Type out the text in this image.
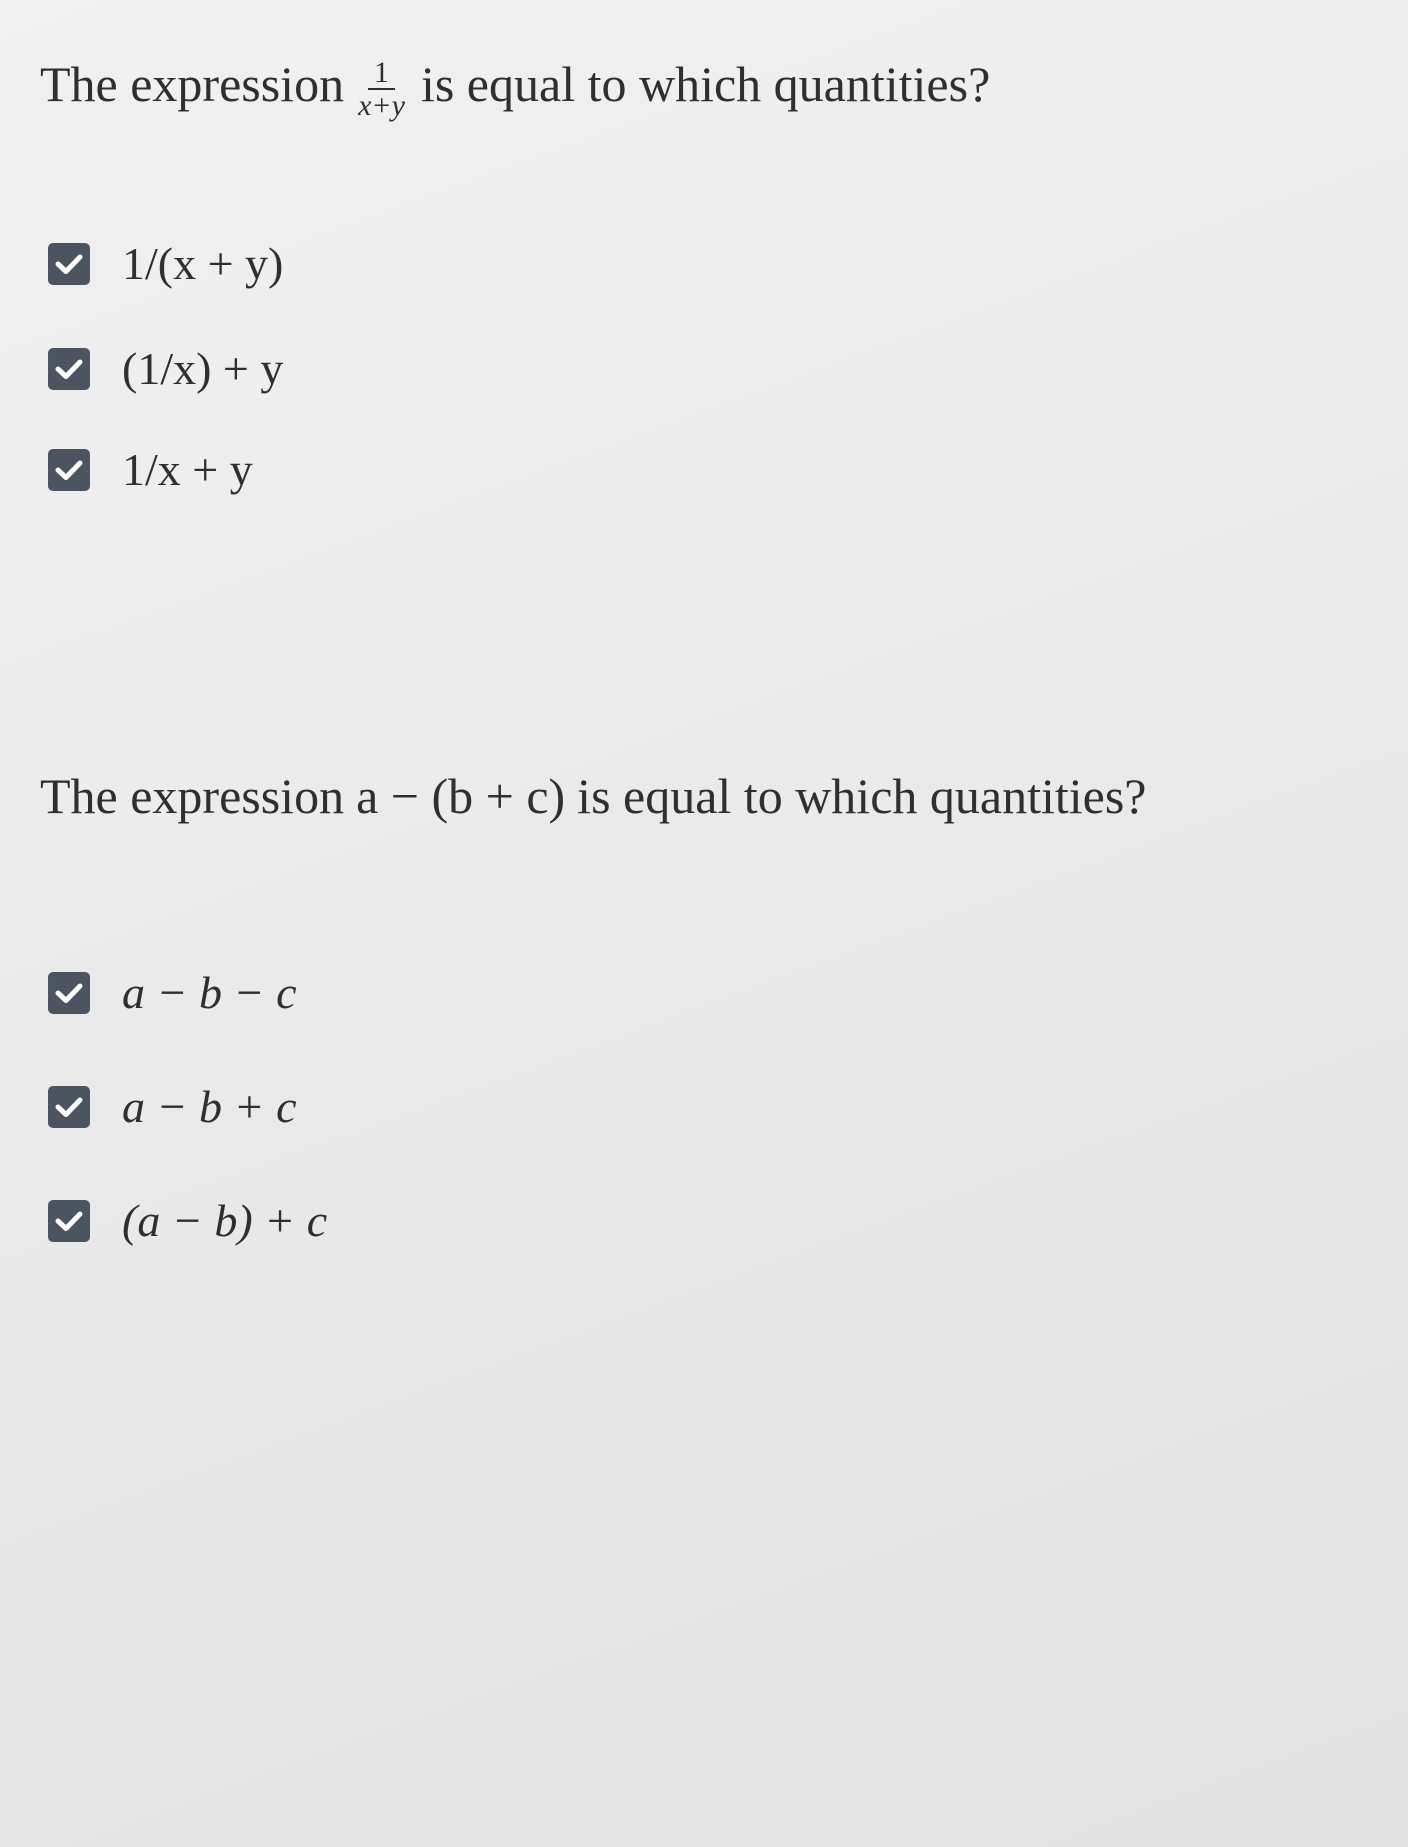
The expression $\frac{1}{x+y}$ is equal to which quantities?
1/(x + y)
(1/x) + y
1/x + y
The expression a − (b + c) is equal to which quantities?
a − b − c
a − b + c
(a − b) + c
